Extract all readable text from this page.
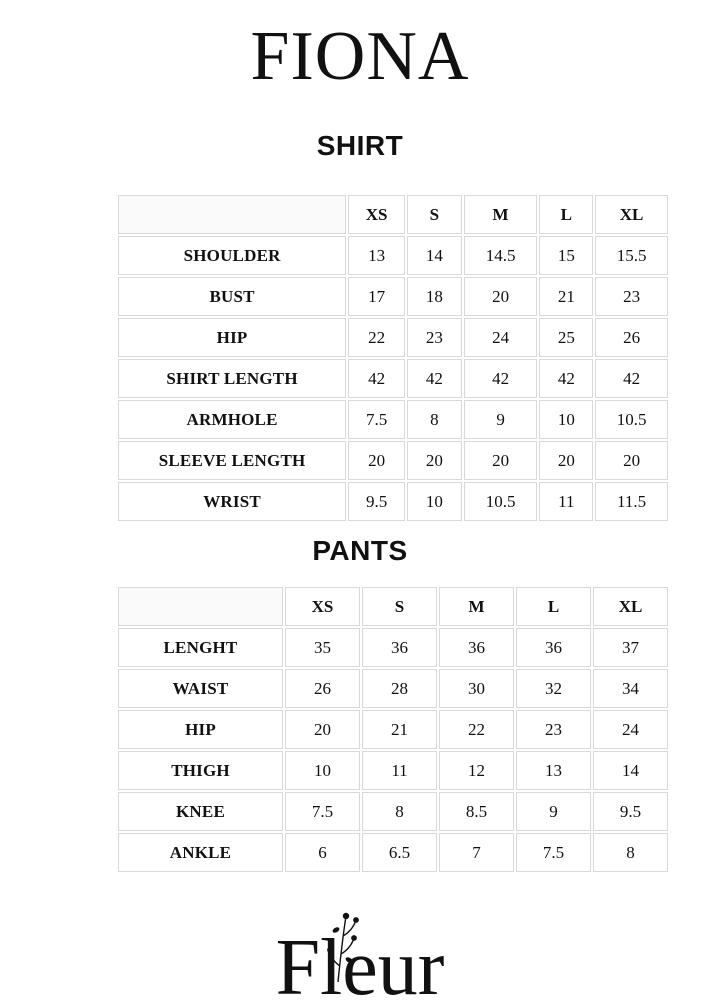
FIONA
SHIRT
	XS	S	M	L	XL
SHOULDER	13	14	14.5	15	15.5
BUST	17	18	20	21	23
HIP	22	23	24	25	26
SHIRT LENGTH	42	42	42	42	42
ARMHOLE	7.5	8	9	10	10.5
SLEEVE LENGTH	20	20	20	20	20
WRIST	9.5	10	10.5	11	11.5
PANTS
	XS	S	M	L	XL
LENGHT	35	36	36	36	37
WAIST	26	28	30	32	34
HIP	20	21	22	23	24
THIGH	10	11	12	13	14
KNEE	7.5	8	8.5	9	9.5
ANKLE	6	6.5	7	7.5	8
Fleur
